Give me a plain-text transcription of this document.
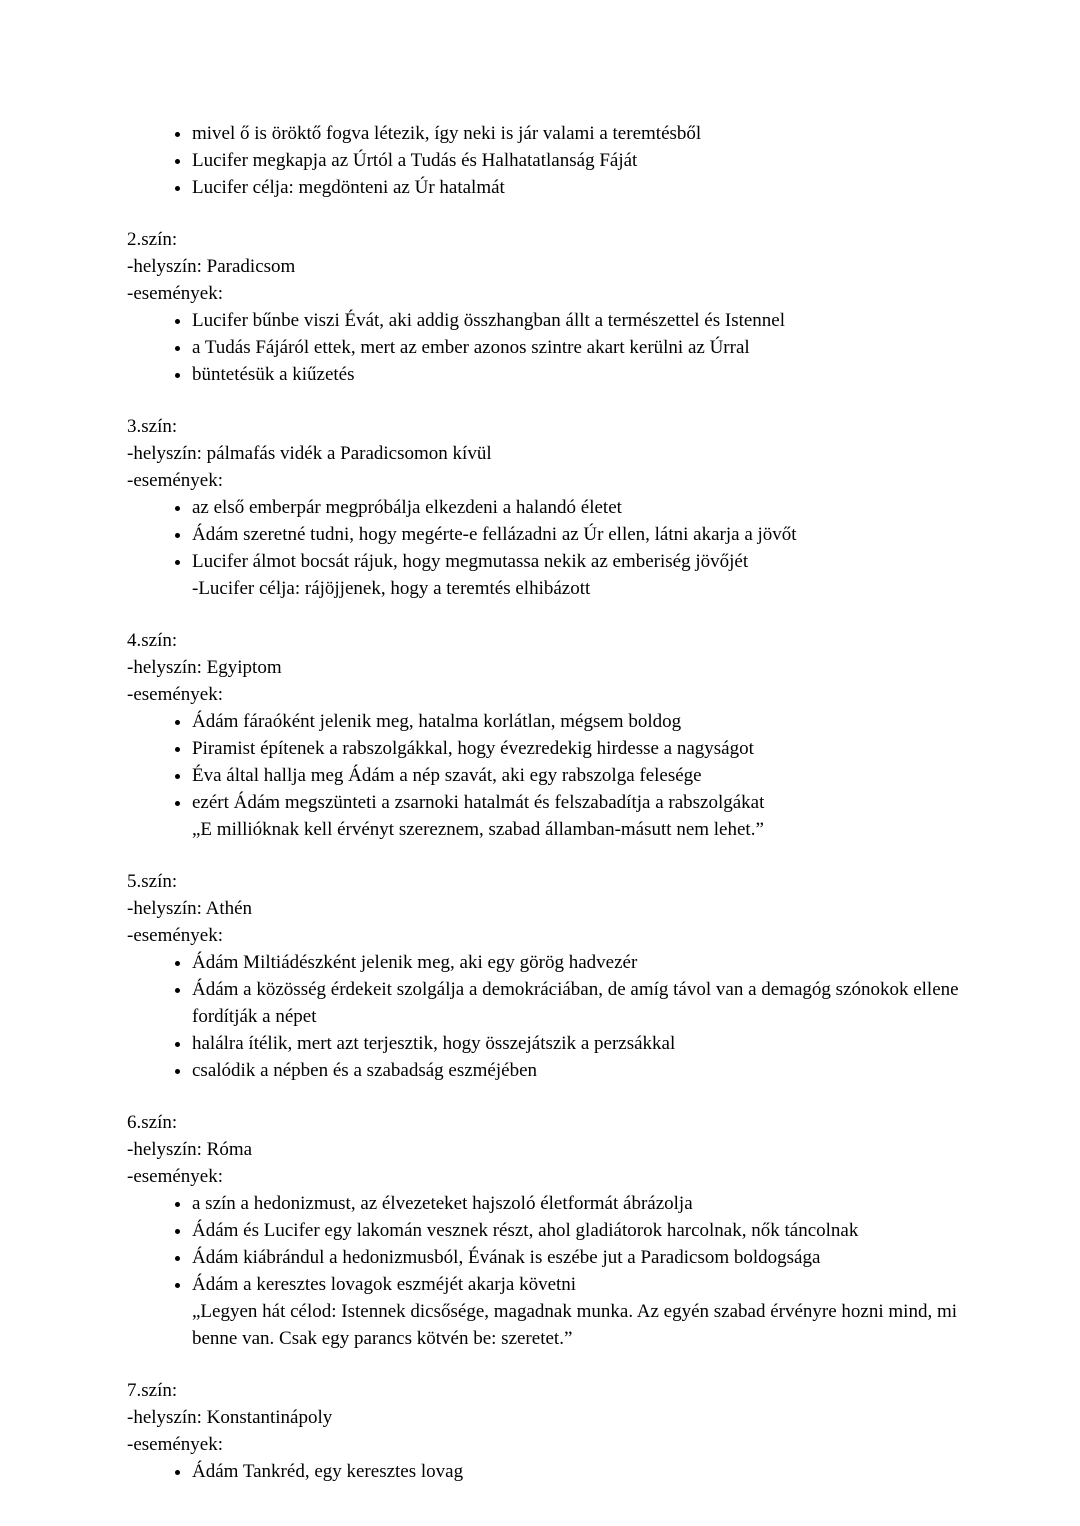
• mivel ő is öröktő fogva létezik, így neki is jár valami a teremtésből
• Lucifer megkapja az Úrtól a Tudás és Halhatatlanság Fáját
• Lucifer célja: megdönteni az Úr hatalmát
2.szín:
-helyszín: Paradicsom
-események:
• Lucifer bűnbe viszi Évát, aki addig összhangban állt a természettel és Istennel
• a Tudás Fájáról ettek, mert az ember azonos szintre akart kerülni az Úrral
• büntetésük a kiűzetés
3.szín:
-helyszín: pálmafás vidék a Paradicsomon kívül
-események:
• az első emberpár megpróbálja elkezdeni a halandó életet
• Ádám szeretné tudni, hogy megérte-e fellázadni az Úr ellen, látni akarja a jövőt
• Lucifer álmot bocsát rájuk, hogy megmutassa nekik az emberiség jövőjét
-Lucifer célja: rájöjjenek, hogy a teremtés elhibázott
4.szín:
-helyszín: Egyiptom
-események:
• Ádám fáraóként jelenik meg, hatalma korlátlan, mégsem boldog
• Piramist építenek a rabszolgákkal, hogy évezredekig hirdesse a nagyságot
• Éva által hallja meg Ádám a nép szavát, aki egy rabszolga felesége
• ezért Ádám megszünteti a zsarnoki hatalmát és felszabadítja a rabszolgákat
„E millióknak kell érvényt szereznem, szabad államban-másutt nem lehet.”
5.szín:
-helyszín: Athén
-események:
• Ádám Miltiádészként jelenik meg, aki egy görög hadvezér
• Ádám a közösség érdekeit szolgálja a demokráciában, de amíg távol van a demagóg szónokok ellene fordítják a népet
• halálra ítélik, mert azt terjesztik, hogy összejátszik a perzsákkal
• csalódik a népben és a szabadság eszméjében
6.szín:
-helyszín: Róma
-események:
• a szín a hedonizmust, az élvezeteket hajszoló életformát ábrázolja
• Ádám és Lucifer egy lakomán vesznek részt, ahol gladiátorok harcolnak, nők táncolnak
• Ádám kiábrándul a hedonizmusból, Évának is eszébe jut a Paradicsom boldogsága
• Ádám a keresztes lovagok eszméjét akarja követni
„Legyen hát célod: Istennek dicsősége, magadnak munka. Az egyén szabad érvényre hozni mind, mi benne van. Csak egy parancs kötvén be: szeretet.”
7.szín:
-helyszín: Konstantinápoly
-események:
• Ádám Tankréd, egy keresztes lovag
